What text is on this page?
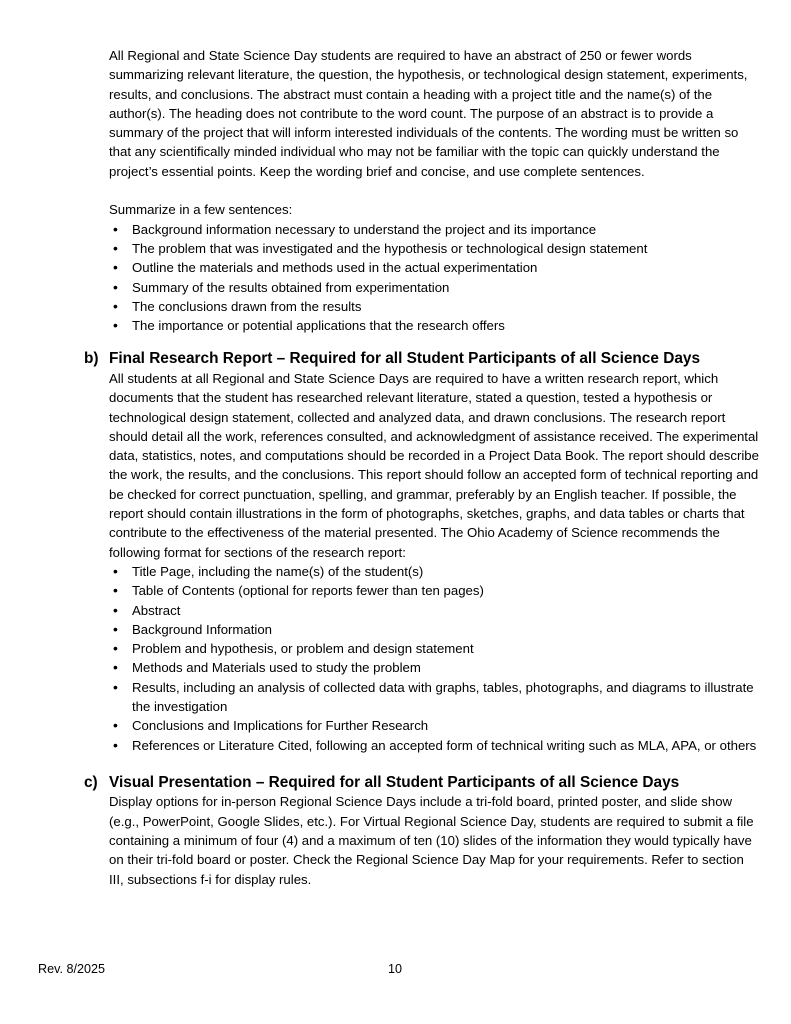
All Regional and State Science Day students are required to have an abstract of 250 or fewer words summarizing relevant literature, the question, the hypothesis, or technological design statement, experiments, results, and conclusions. The abstract must contain a heading with a project title and the name(s) of the author(s). The heading does not contribute to the word count. The purpose of an abstract is to provide a summary of the project that will inform interested individuals of the contents. The wording must be written so that any scientifically minded individual who may not be familiar with the topic can quickly understand the project’s essential points. Keep the wording brief and concise, and use complete sentences.

Summarize in a few sentences:

• Background information necessary to understand the project and its importance
• The problem that was investigated and the hypothesis or technological design statement
• Outline the materials and methods used in the actual experimentation
• Summary of the results obtained from experimentation
• The conclusions drawn from the results
• The importance or potential applications that the research offers
b) Final Research Report – Required for all Student Participants of all Science Days

All students at all Regional and State Science Days are required to have a written research report, which documents that the student has researched relevant literature, stated a question, tested a hypothesis or technological design statement, collected and analyzed data, and drawn conclusions. The research report should detail all the work, references consulted, and acknowledgment of assistance received. The experimental data, statistics, notes, and computations should be recorded in a Project Data Book. The report should describe the work, the results, and the conclusions. This report should follow an accepted form of technical reporting and be checked for correct punctuation, spelling, and grammar, preferably by an English teacher. If possible, the report should contain illustrations in the form of photographs, sketches, graphs, and data tables or charts that contribute to the effectiveness of the material presented. The Ohio Academy of Science recommends the following format for sections of the research report:

• Title Page, including the name(s) of the student(s)
• Table of Contents (optional for reports fewer than ten pages)
• Abstract
• Background Information
• Problem and hypothesis, or problem and design statement
• Methods and Materials used to study the problem
• Results, including an analysis of collected data with graphs, tables, photographs, and diagrams to illustrate the investigation
• Conclusions and Implications for Further Research
• References or Literature Cited, following an accepted form of technical writing such as MLA, APA, or others
c) Visual Presentation – Required for all Student Participants of all Science Days

Display options for in-person Regional Science Days include a tri-fold board, printed poster, and slide show (e.g., PowerPoint, Google Slides, etc.). For Virtual Regional Science Day, students are required to submit a file containing a minimum of four (4) and a maximum of ten (10) slides of the information they would typically have on their tri-fold board or poster. Check the Regional Science Day Map for your requirements. Refer to section III, subsections f-i for display rules.

Rev. 8/2025	10
